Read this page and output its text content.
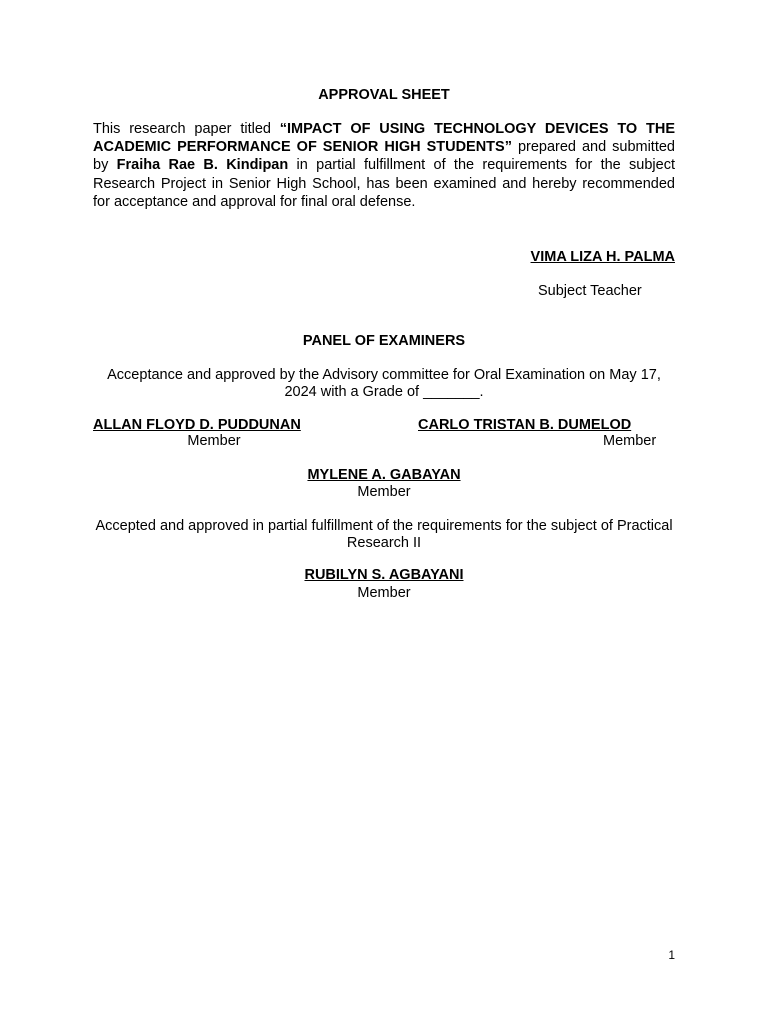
APPROVAL SHEET
This research paper titled “IMPACT OF USING TECHNOLOGY DEVICES TO THE ACADEMIC PERFORMANCE OF SENIOR HIGH STUDENTS” prepared and submitted by Fraiha Rae B. Kindipan in partial fulfillment of the requirements for the subject Research Project in Senior High School, has been examined and hereby recommended for acceptance and approval for final oral defense.
VIMA LIZA H. PALMA
Subject Teacher
PANEL OF EXAMINERS
Acceptance and approved by the Advisory committee for Oral Examination on May 17, 2024 with a Grade of _______.
ALLAN FLOYD D. PUDDUNAN
Member
CARLO TRISTAN B. DUMELOD
Member
MYLENE A. GABAYAN
Member
Accepted and approved in partial fulfillment of the requirements for the subject of Practical Research II
RUBILYN S. AGBAYANI
Member
1
